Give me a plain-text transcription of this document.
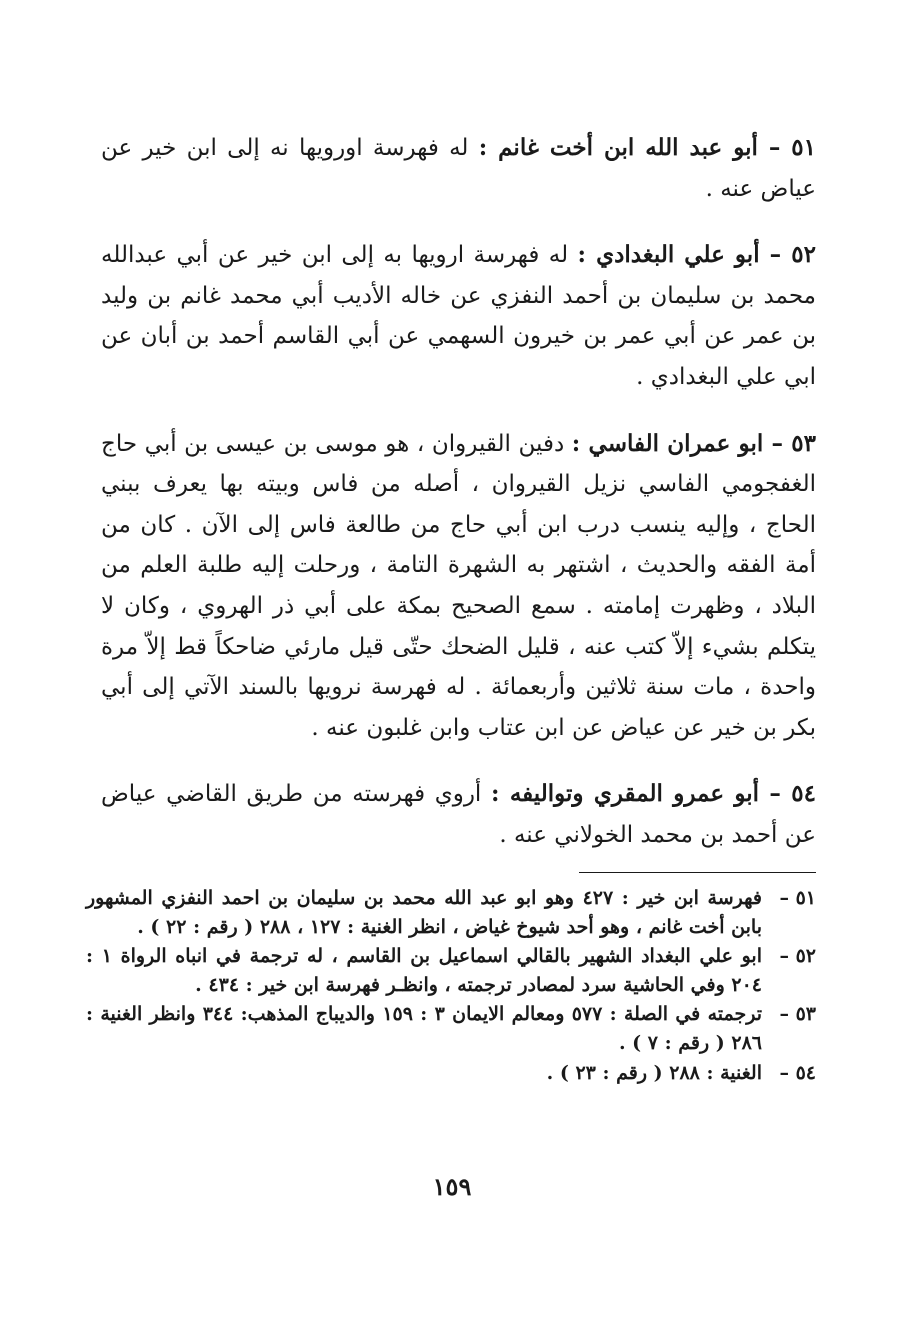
٥١ – أبو عبد الله ابن أخت غانم : له فهرسة اورويها نه إلى ابن خير عن عياض عنه .

٥٢ – أبو علي البغدادي : له فهرسة ارويها به إلى ابن خير عن أبي عبدالله محمد بن سليمان بن أحمد النفزي عن خاله الأديب أبي محمد غانم بن وليد بن عمر عن أبي عمر بن خيرون السهمي عن أبي القاسم أحمد بن أبان عن ابي علي البغدادي .

٥٣ – ابو عمران الفاسي : دفين القيروان ، هو موسى بن عيسى بن أبي حاج الغفجومي الفاسي نزيل القيروان ، أصله من فاس وبيته بها يعرف ببني الحاج ، وإليه ينسب درب ابن أبي حاج من طالعة فاس إلى الآن . كان من أمة الفقه والحديث ، اشتهر به الشهرة التامة ، ورحلت إليه طلبة العلم من البلاد ، وظهرت إمامته . سمع الصحيح بمكة على أبي ذر الهروي ، وكان لا يتكلم بشيء إلاّ كتب عنه ، قليل الضحك حتّى قيل مارئي ضاحكاً قط إلاّ مرة واحدة ، مات سنة ثلاثين وأربعمائة . له فهرسة نرويها بالسند الآتي إلى أبي بكر بن خير عن عياض عن ابن عتاب وابن غلبون عنه .

٥٤ – أبو عمرو المقري وتواليفه : أروي فهرسته من طريق القاضي عياض عن أحمد بن محمد الخولاني عنه .

٥١ –
فهرسة ابن خير : ٤٢٧ وهو ابو عبد الله محمد بن سليمان بن احمد النفزي المشهور بابن أخت غانم ، وهو أحد شيوخ غياض ، انظر الغنية : ١٢٧ ، ٢٨٨ ( رقم : ٢٢ ) .
٥٢ –
ابو علي البغداد الشهير بالقالي اسماعيل بن القاسم ، له ترجمة في انباه الرواة ١ : ٢٠٤ وفي الحاشية سرد لمصادر ترجمته ، وانظـر فهرسة ابن خير : ٤٣٤ .
٥٣ –
ترجمته في الصلة : ٥٧٧ ومعالم الايمان ٣ : ١٥٩ والديباج المذهب: ٣٤٤ وانظر الغنية : ٢٨٦ ( رقم : ٧ ) .
٥٤ –
الغنية : ٢٨٨ ( رقم : ٢٣ ) .
١٥٩
